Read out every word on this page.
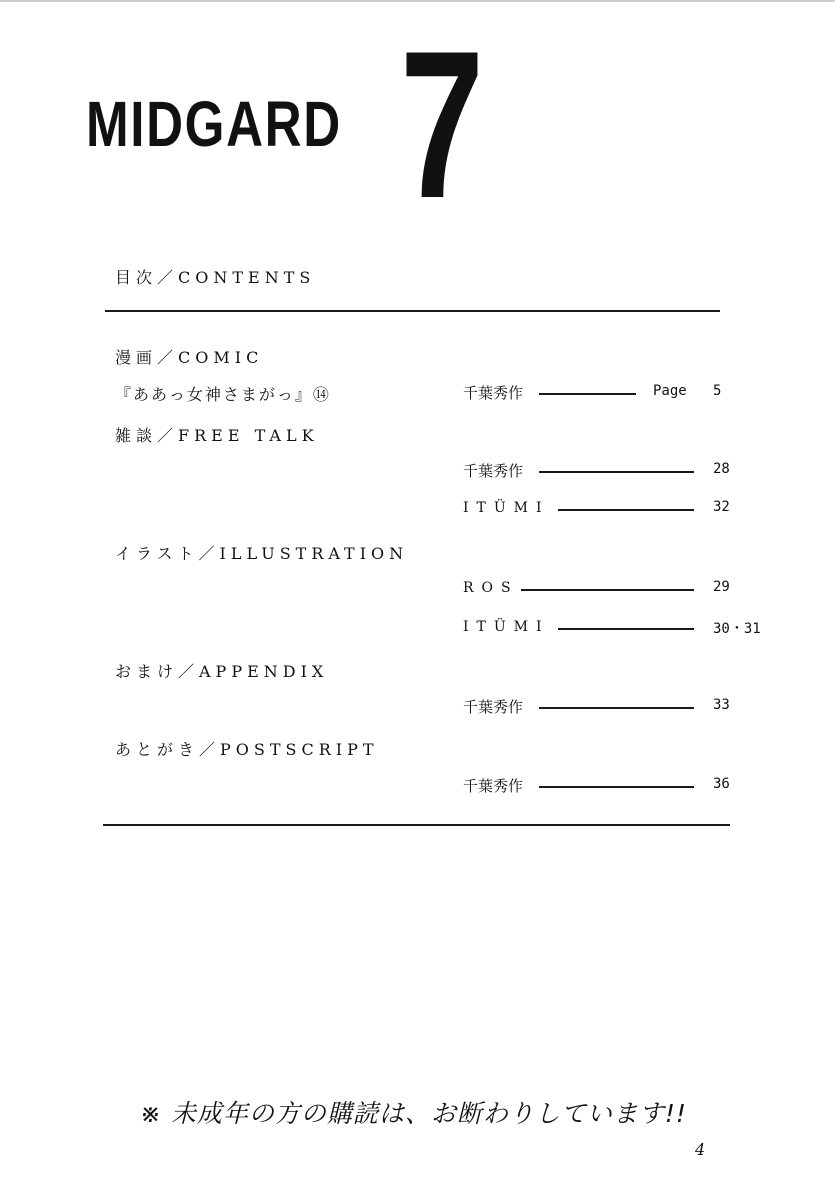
MIDGARD 7
目次／CONTENTS
漫画／COMIC
『ああっ女神さまがっ』⑭	千葉秀作	Page 5
雑談／FREE TALK
千葉秀作	28
ITÜMI	32
イラスト／ILLUSTRATION
ROS	29
ITÜMI	30・31
おまけ／APPENDIX
千葉秀作	33
あとがき／POSTSCRIPT
千葉秀作	36
※ 未成年の方の購読は、お断わりしています!!
4
